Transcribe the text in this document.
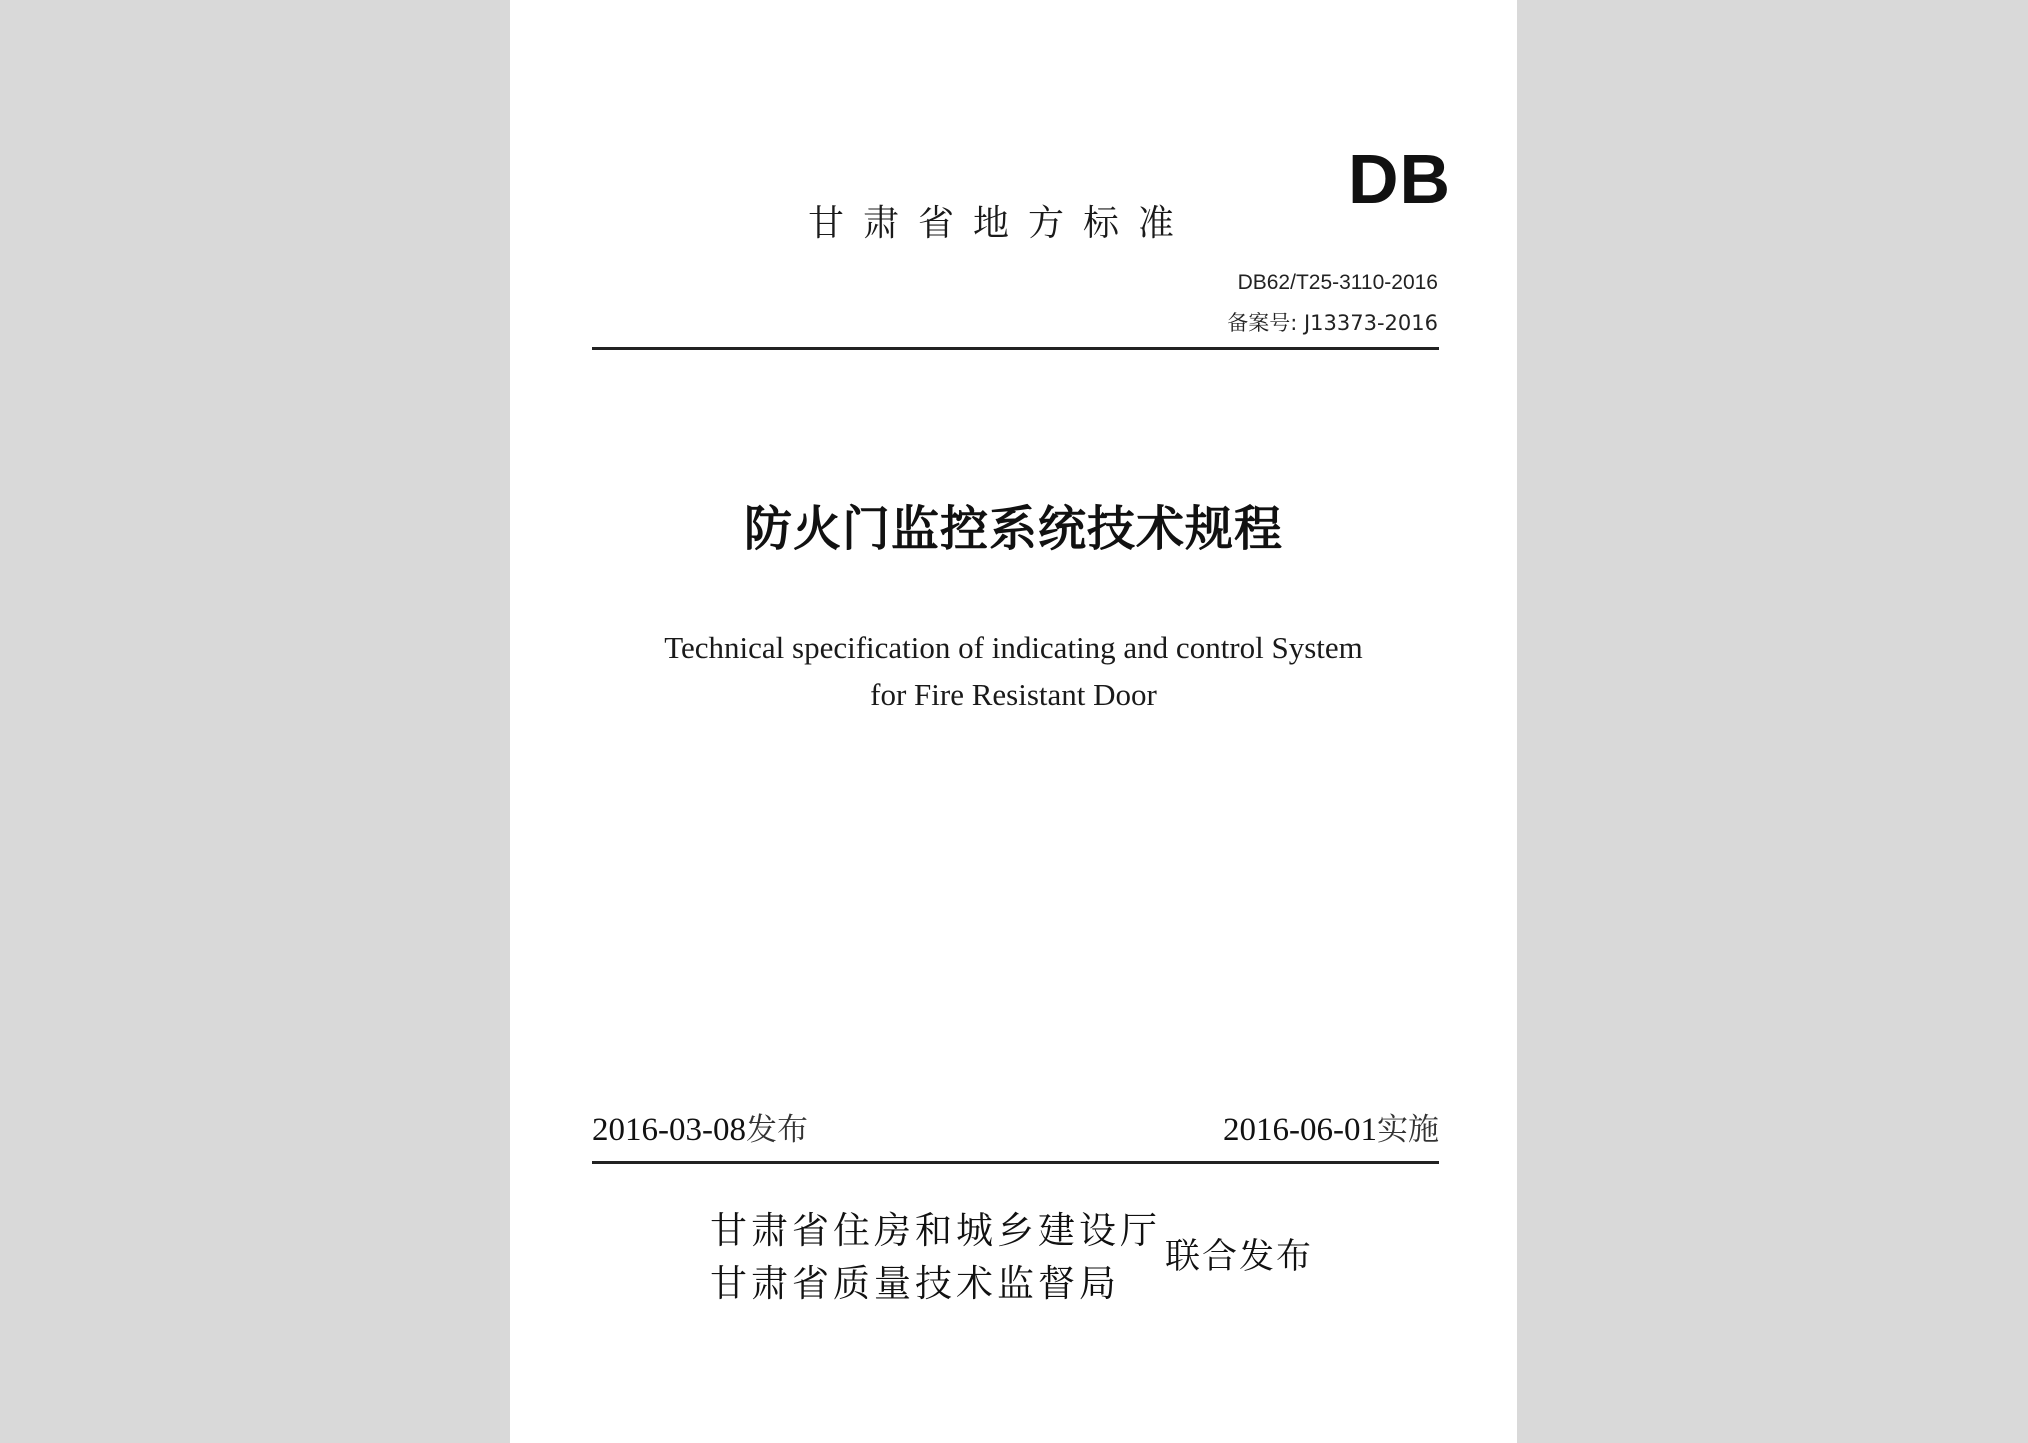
DB
甘肃省地方标准
DB62/T25-3110-2016
备案号: J13373-2016
防火门监控系统技术规程
Technical specification of indicating and control System
for Fire Resistant Door
2016-03-08发布	2016-06-01实施
甘肃省住房和城乡建设厅
甘肃省质量技术监督局
联合发布
